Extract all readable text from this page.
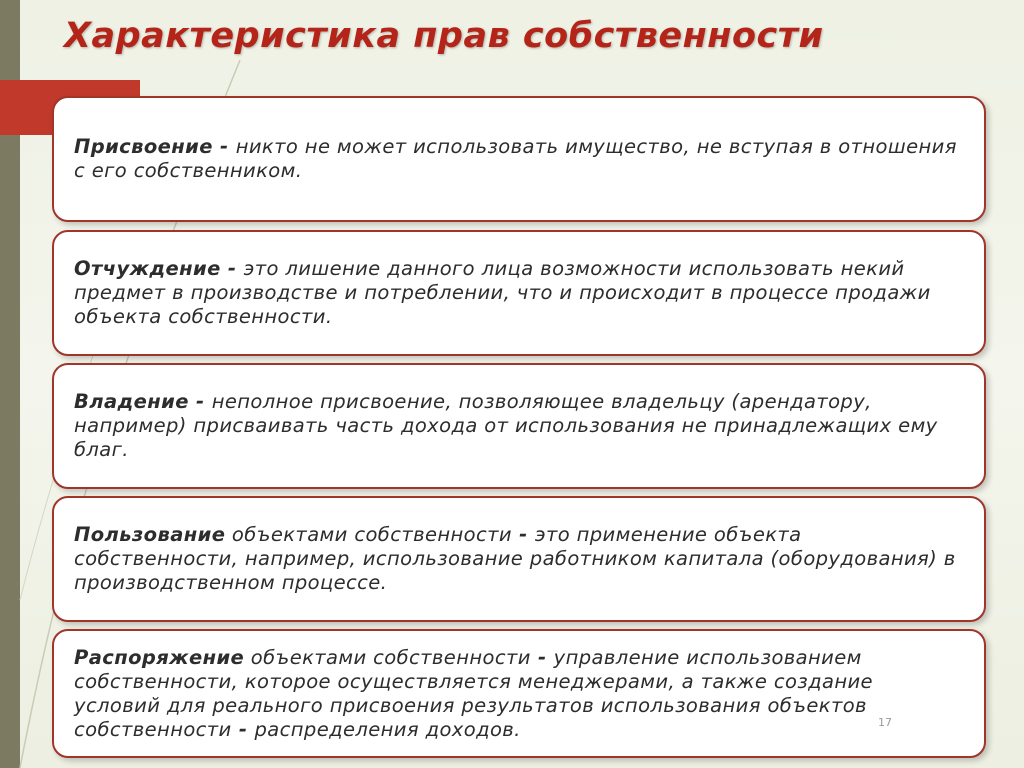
Характеристика прав собственности
Присвоение - никто не может использовать имущество, не вступая в отношения с его собственником.
Отчуждение - это лишение данного лица возможности использовать некий предмет в производстве и потреблении, что и происходит в процессе продажи объекта собственности.
Владение - неполное присвоение, позволяющее владельцу (арендатору, например) присваивать часть дохода от использования не принадлежащих ему благ.
Пользование объектами собственности - это применение объекта собственности, например, использование работником капитала (оборудования) в производственном процессе.
Распоряжение объектами собственности - управление использованием собственности, которое осуществляется менеджерами, а также создание условий для реального присвоения результатов использования объектов собственности - распределения доходов.	17
